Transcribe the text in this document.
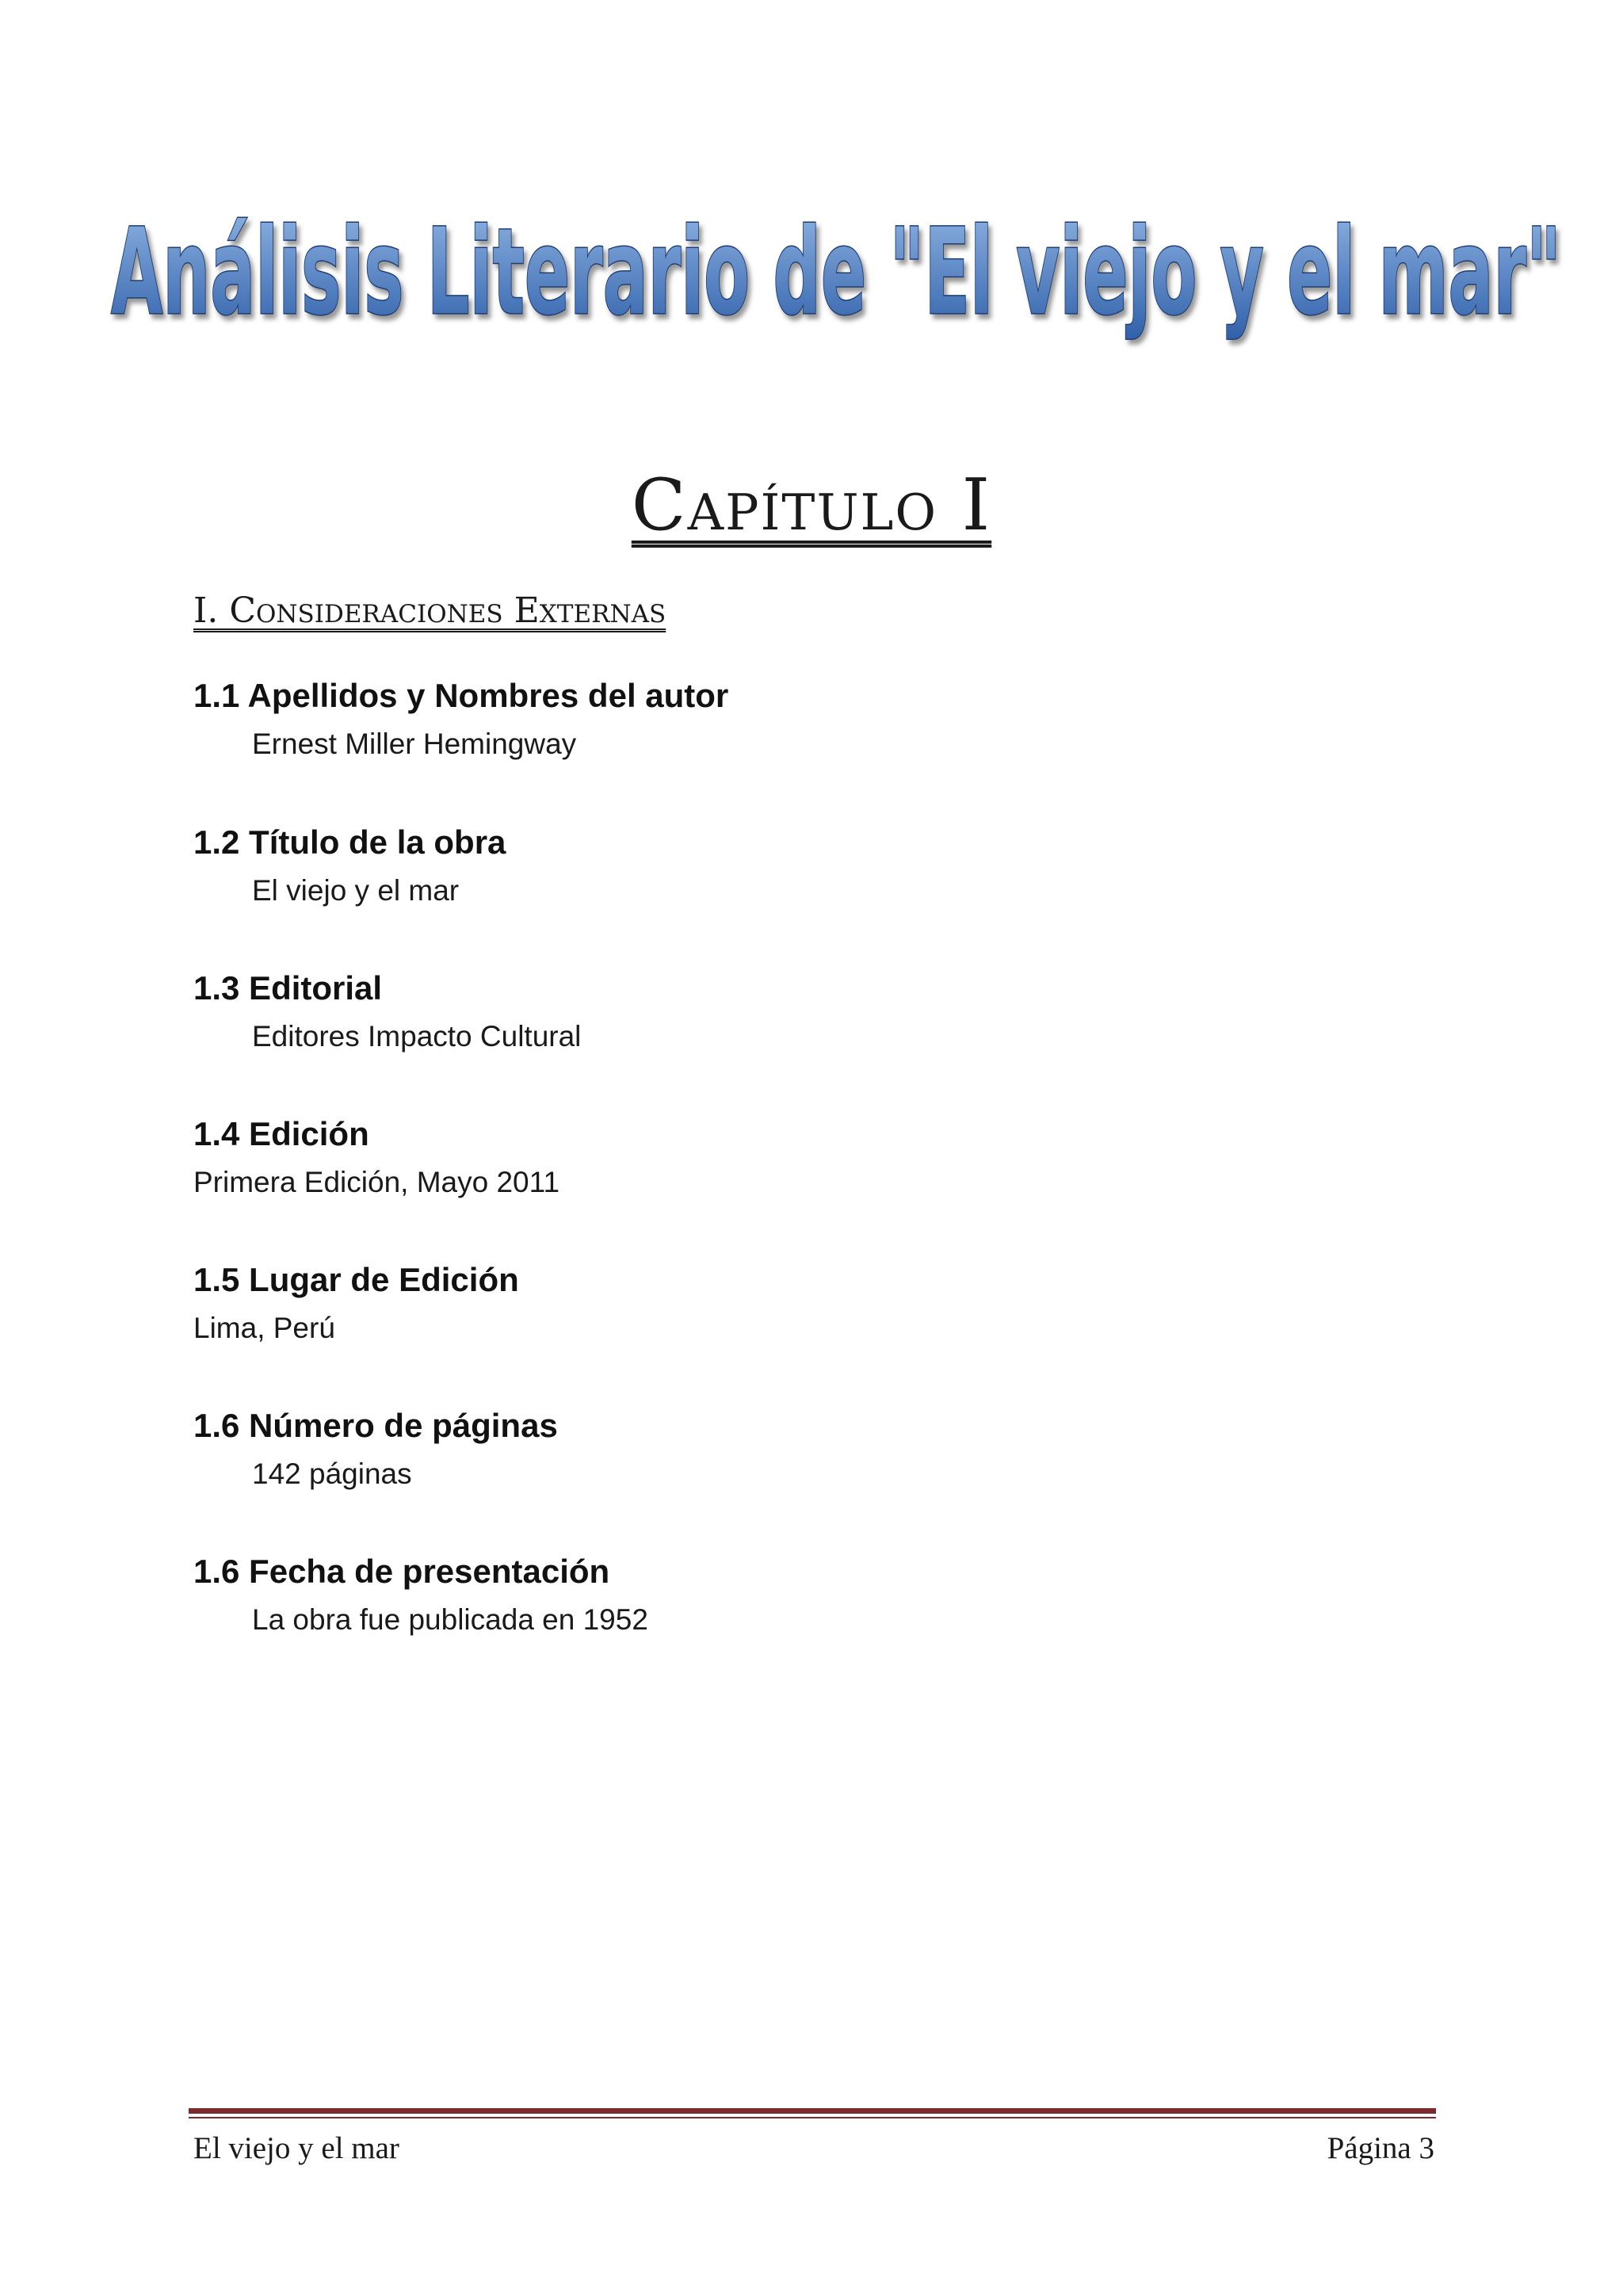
Análisis Literario de "El viejo y el mar"
Capítulo I
I. Consideraciones Externas
1.1 Apellidos y Nombres del autor
Ernest Miller Hemingway
1.2 Título de la obra
El viejo y el mar
1.3 Editorial
Editores Impacto Cultural
1.4 Edición
Primera Edición, Mayo 2011
1.5 Lugar de Edición
Lima, Perú
1.6 Número de páginas
142 páginas
1.6 Fecha de presentación
La obra fue publicada en 1952
El viejo y el mar	Página 3
